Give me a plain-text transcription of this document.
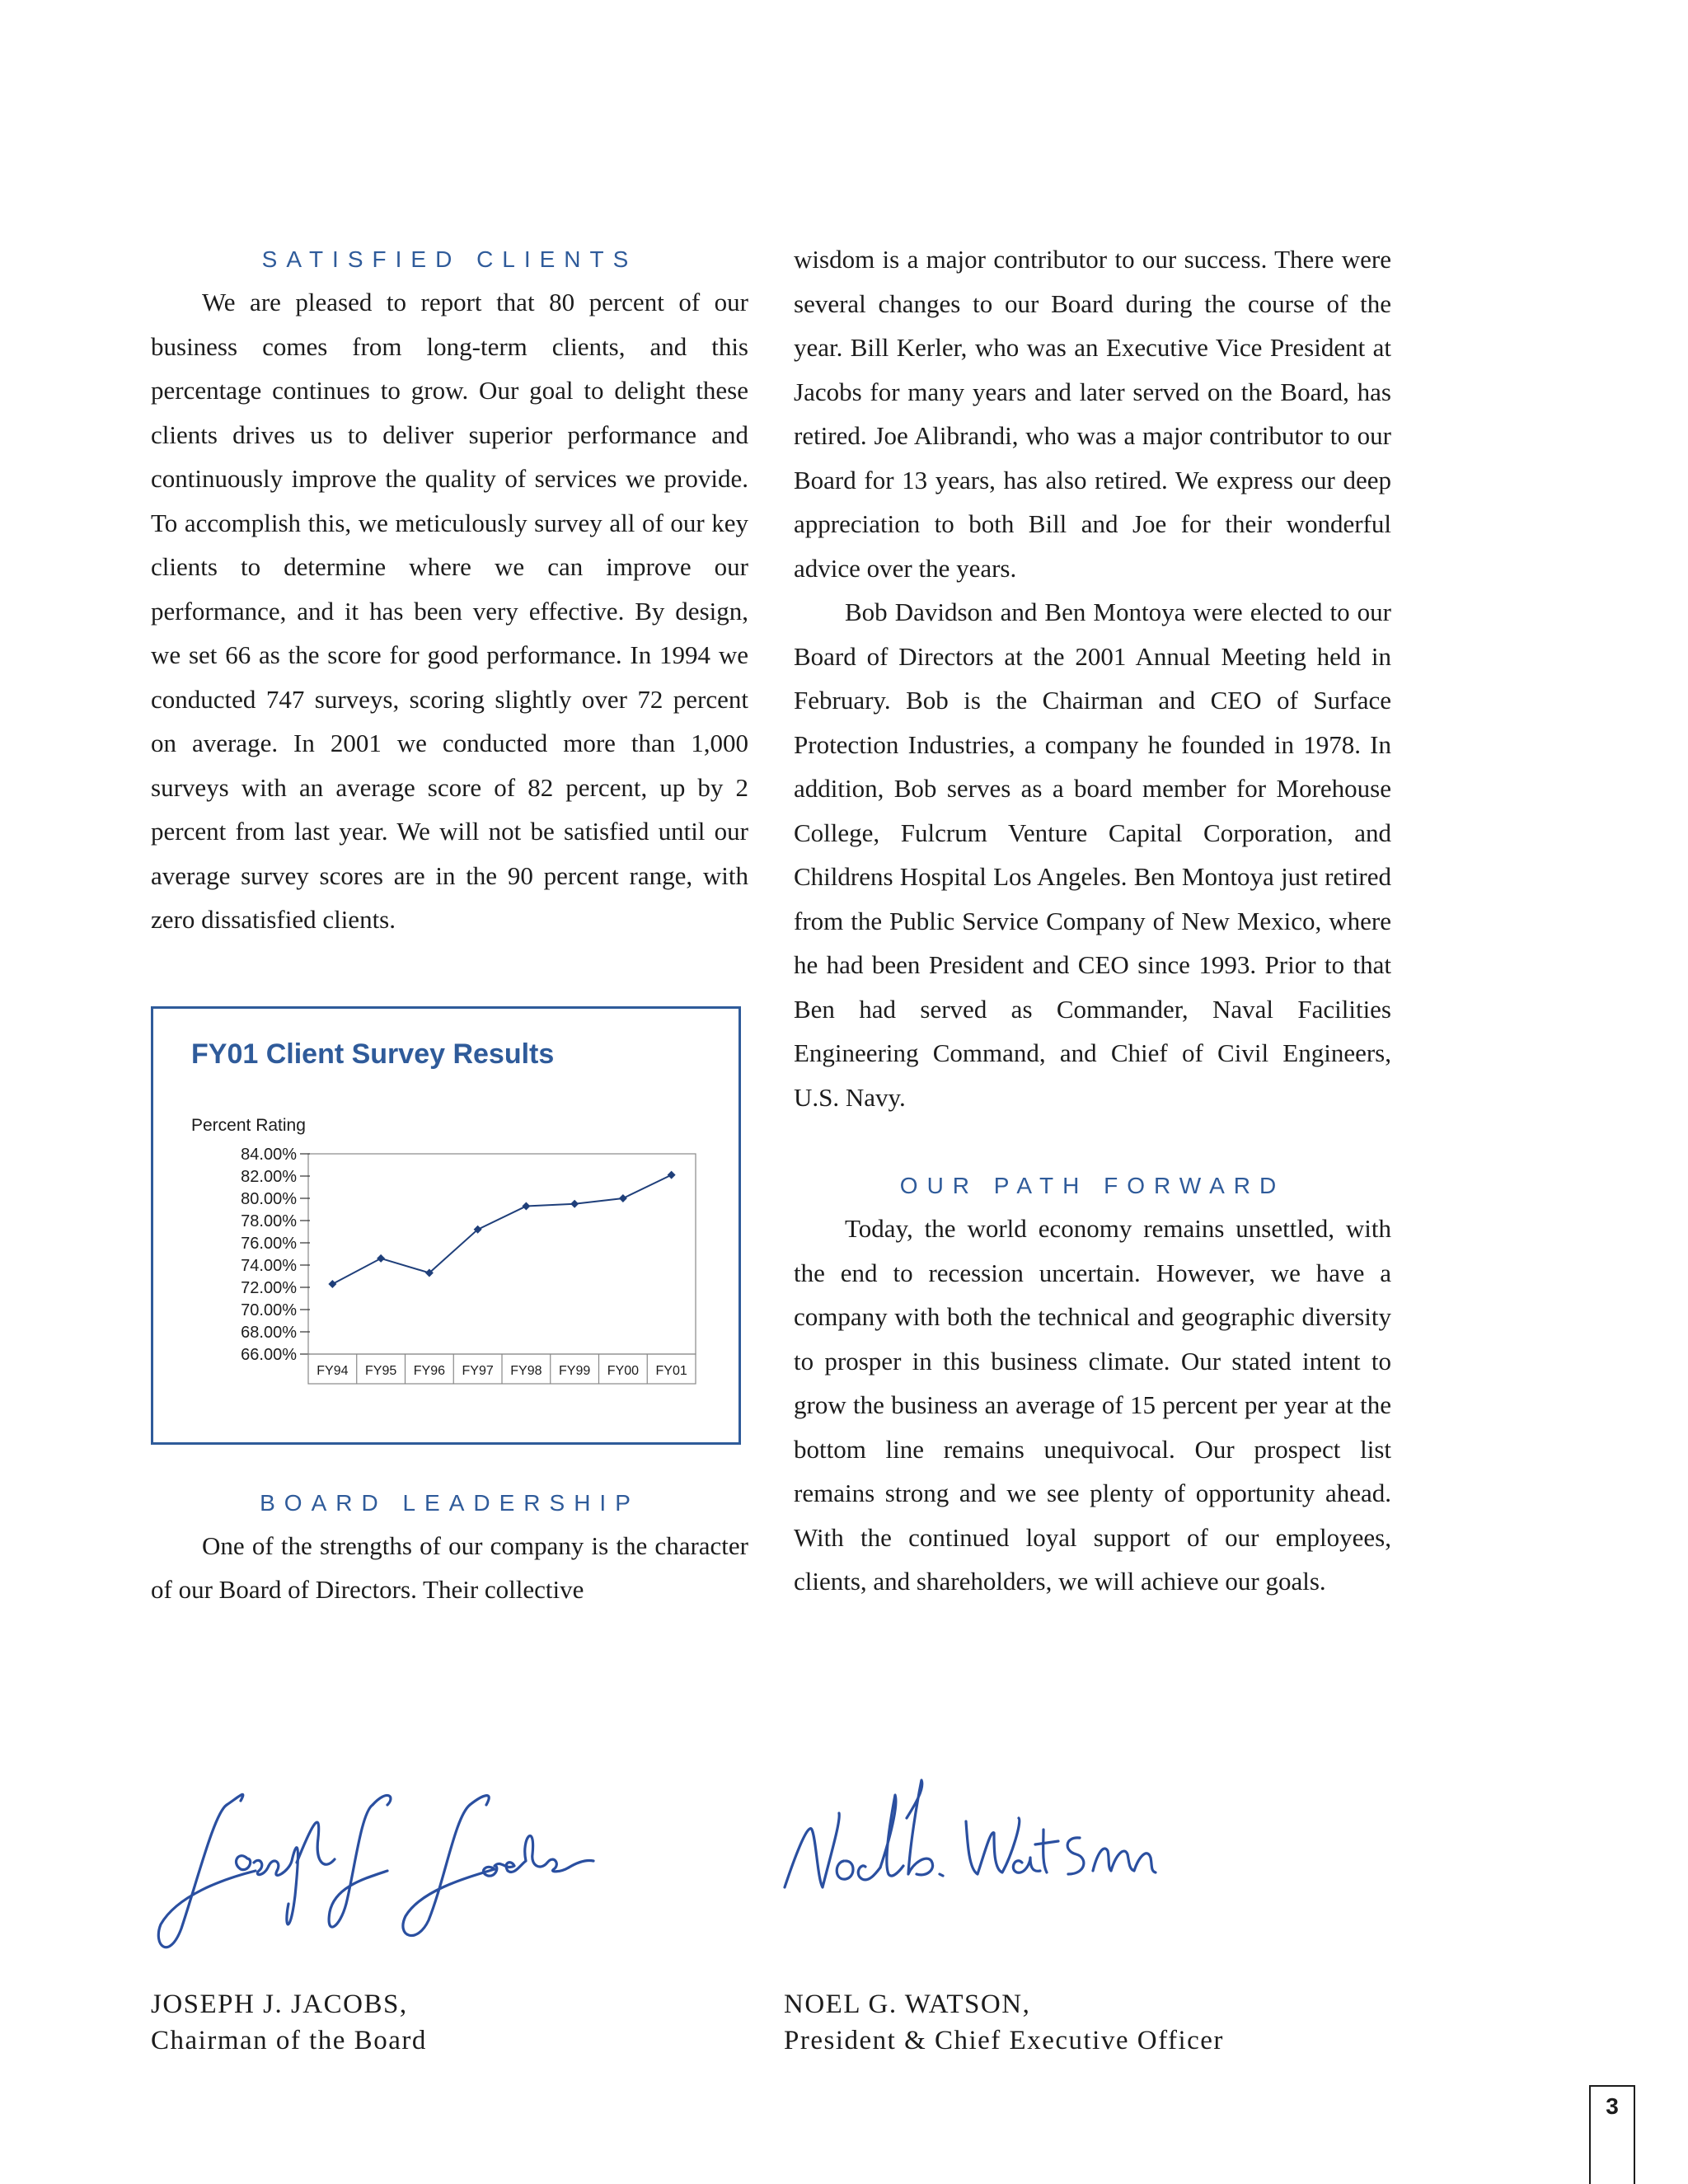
SATISFIED CLIENTS

We are pleased to report that 80 percent of our business comes from long-term clients, and this percentage continues to grow. Our goal to delight these clients drives us to deliver superior performance and continuously improve the quality of services we provide. To accomplish this, we meticulously survey all of our key clients to determine where we can improve our performance, and it has been very effective. By design, we set 66 as the score for good performance. In 1994 we conducted 747 surveys, scoring slightly over 72 percent on average. In 2001 we conducted more than 1,000 surveys with an average score of 82 percent, up by 2 percent from last year. We will not be satisfied until our average survey scores are in the 90 percent range, with zero dissatisfied clients.

FY01 Client Survey Results
Percent Rating
66.00%
68.00%
70.00%
72.00%
74.00%
76.00%
78.00%
80.00%
82.00%
84.00%
FY94 FY95 FY96 FY97 FY98 FY99 FY00 FY01
BOARD LEADERSHIP

One of the strengths of our company is the character of our Board of Directors. Their collective

wisdom is a major contributor to our success. There were several changes to our Board during the course of the year. Bill Kerler, who was an Executive Vice President at Jacobs for many years and later served on the Board, has retired. Joe Alibrandi, who was a major contributor to our Board for 13 years, has also retired. We express our deep appreciation to both Bill and Joe for their wonderful advice over the years.

Bob Davidson and Ben Montoya were elected to our Board of Directors at the 2001 Annual Meeting held in February. Bob is the Chairman and CEO of Surface Protection Industries, a company he founded in 1978. In addition, Bob serves as a board member for Morehouse College, Fulcrum Venture Capital Corporation, and Childrens Hospital Los Angeles. Ben Montoya just retired from the Public Service Company of New Mexico, where he had been President and CEO since 1993. Prior to that Ben had served as Commander, Naval Facilities Engineering Command, and Chief of Civil Engineers, U.S. Navy.

OUR PATH FORWARD

Today, the world economy remains unsettled, with the end to recession uncertain. However, we have a company with both the technical and geographic diversity to prosper in this business climate. Our stated intent to grow the business an average of 15 percent per year at the bottom line remains unequivocal. Our prospect list remains strong and we see plenty of opportunity ahead. With the continued loyal support of our employees, clients, and shareholders, we will achieve our goals.

JOSEPH J. JACOBS,
Chairman of the Board
NOEL G. WATSON,
President & Chief Executive Officer
3
